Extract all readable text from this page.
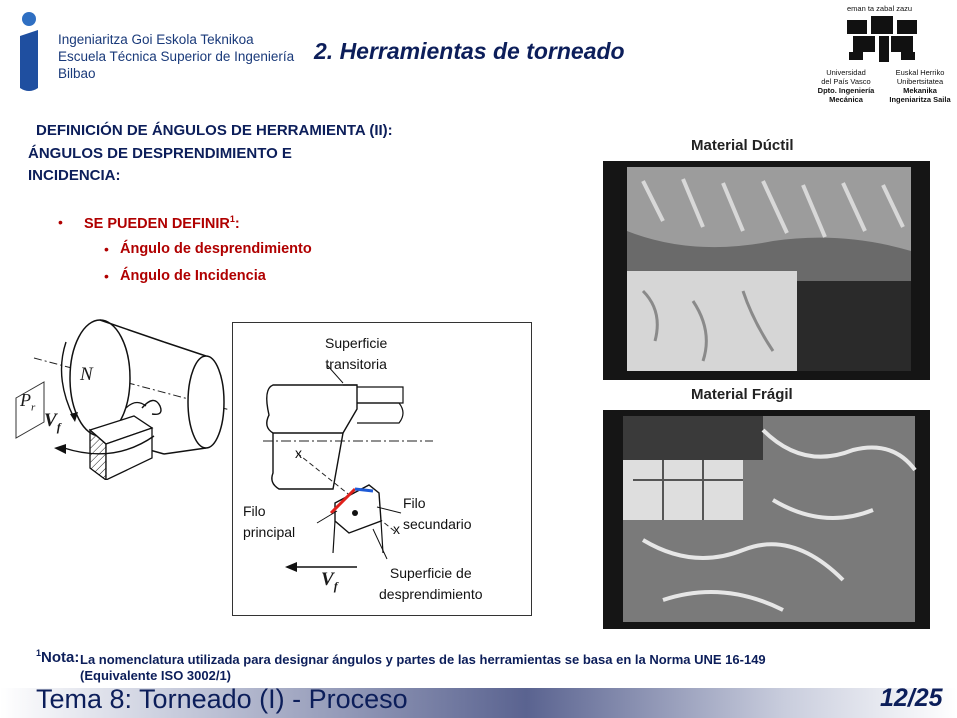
Ingeniaritza Goi Eskola Teknikoa
Escuela Técnica Superior de Ingeniería
Bilbao
2. Herramientas de torneado
eman ta zabal zazu
Universidad
del País Vasco
Dpto. Ingeniería
Mecánica
Euskal Herriko
Unibertsitatea
Mekanika
Ingeniaritza Saila
DEFINICIÓN DE ÁNGULOS DE HERRAMIENTA (II):
ÁNGULOS DE DESPRENDIMIENTO E
INCIDENCIA:
• SE PUEDEN DEFINIR$^1$:
• Ángulo de desprendimiento
• Ángulo de Incidencia
N
$P_r$
$V_f$
Superficie
transitoria
x
x
Filo
principal
Filo
secundario
Superficie de
desprendimiento
$V_f$
Material Dúctil
Material Frágil
$^1$Nota: La nomenclatura utilizada para designar ángulos y partes de las herramientas se basa en la Norma UNE 16-149
(Equivalente ISO 3002/1)
Tema 8: Torneado (I) - Proceso	12/25
